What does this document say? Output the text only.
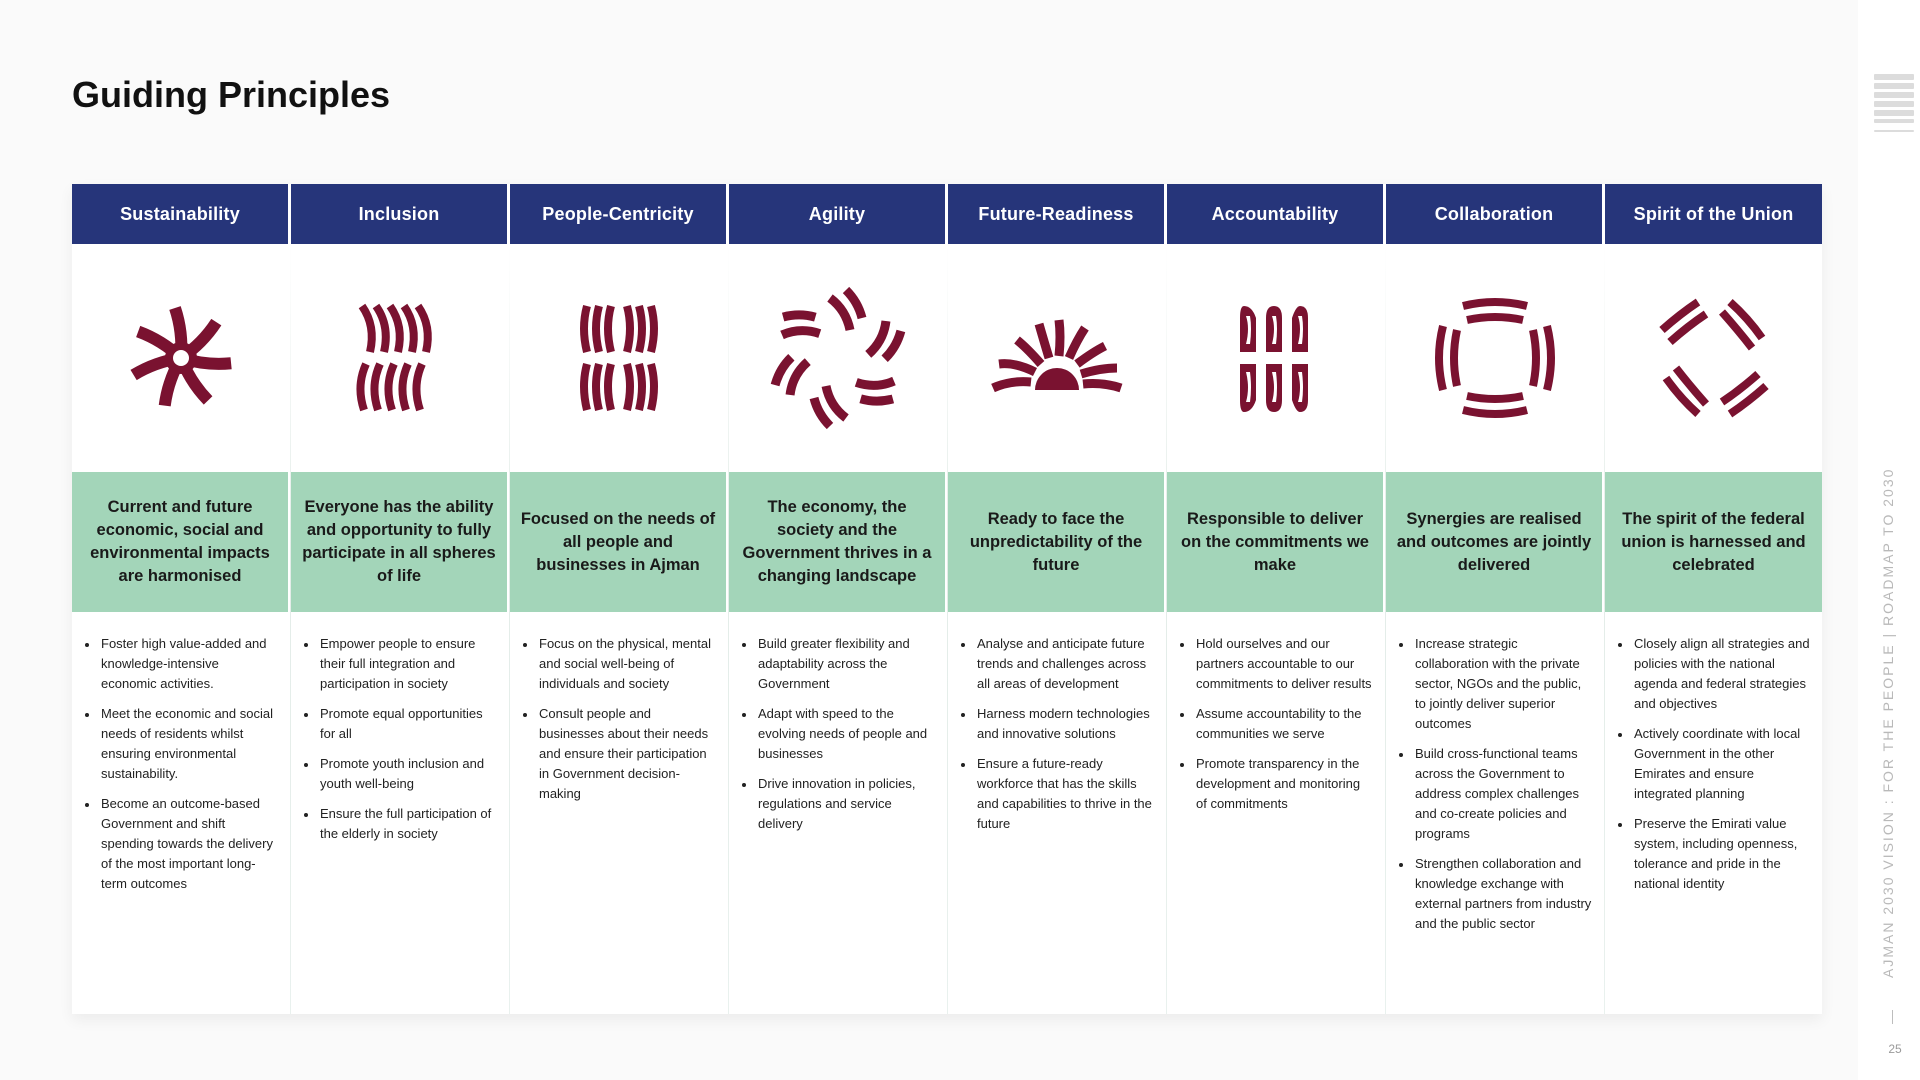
Guiding Principles
Sustainability
Current and future economic, social and environmental impacts are harmonised
• Foster high value-added and knowledge-intensive economic activities.
• Meet the economic and social needs of residents whilst ensuring environmental sustainability.
• Become an outcome-based Government and shift spending towards the delivery of the most important long-term outcomes
Inclusion
Everyone has the ability and opportunity to fully participate in all spheres of life
• Empower people to ensure their full integration and participation in society
• Promote equal opportunities for all
• Promote youth inclusion and youth well-being
• Ensure the full participation of the elderly in society
People-Centricity
Focused on the needs of all people and businesses in Ajman
• Focus on the physical, mental and social well-being of individuals and society
• Consult people and businesses about their needs and ensure their participation in Government decision-making
Agility
The economy, the society and the Government thrives in a changing landscape
• Build greater flexibility and adaptability across the Government
• Adapt with speed to the evolving needs of people and businesses
• Drive innovation in policies, regulations and service delivery
Future-Readiness
Ready to face the unpredictability of the future
• Analyse and anticipate future trends and challenges across all areas of development
• Harness modern technologies and innovative solutions
• Ensure a future-ready workforce that has the skills and capabilities to thrive in the future
Accountability
Responsible to deliver on the commitments we make
• Hold ourselves and our partners accountable to our commitments to deliver results
• Assume accountability to the communities we serve
• Promote transparency in the development and monitoring of commitments
Collaboration
Synergies are realised and outcomes are jointly delivered
• Increase strategic collaboration with the private sector, NGOs and the public, to jointly deliver superior outcomes
• Build cross-functional teams across the Government to address complex challenges and co-create policies and programs
• Strengthen collaboration and knowledge exchange with external partners from industry and the public sector
Spirit of the Union
The spirit of the federal union is harnessed and celebrated
• Closely align all strategies and policies with the national agenda and federal strategies and objectives
• Actively coordinate with local Government in the other Emirates and ensure integrated planning
• Preserve the Emirati value system, including openness, tolerance and pride in the national identity	AJMAN 2030 VISION : FOR THE PEOPLE | ROADMAP TO 2030
25
